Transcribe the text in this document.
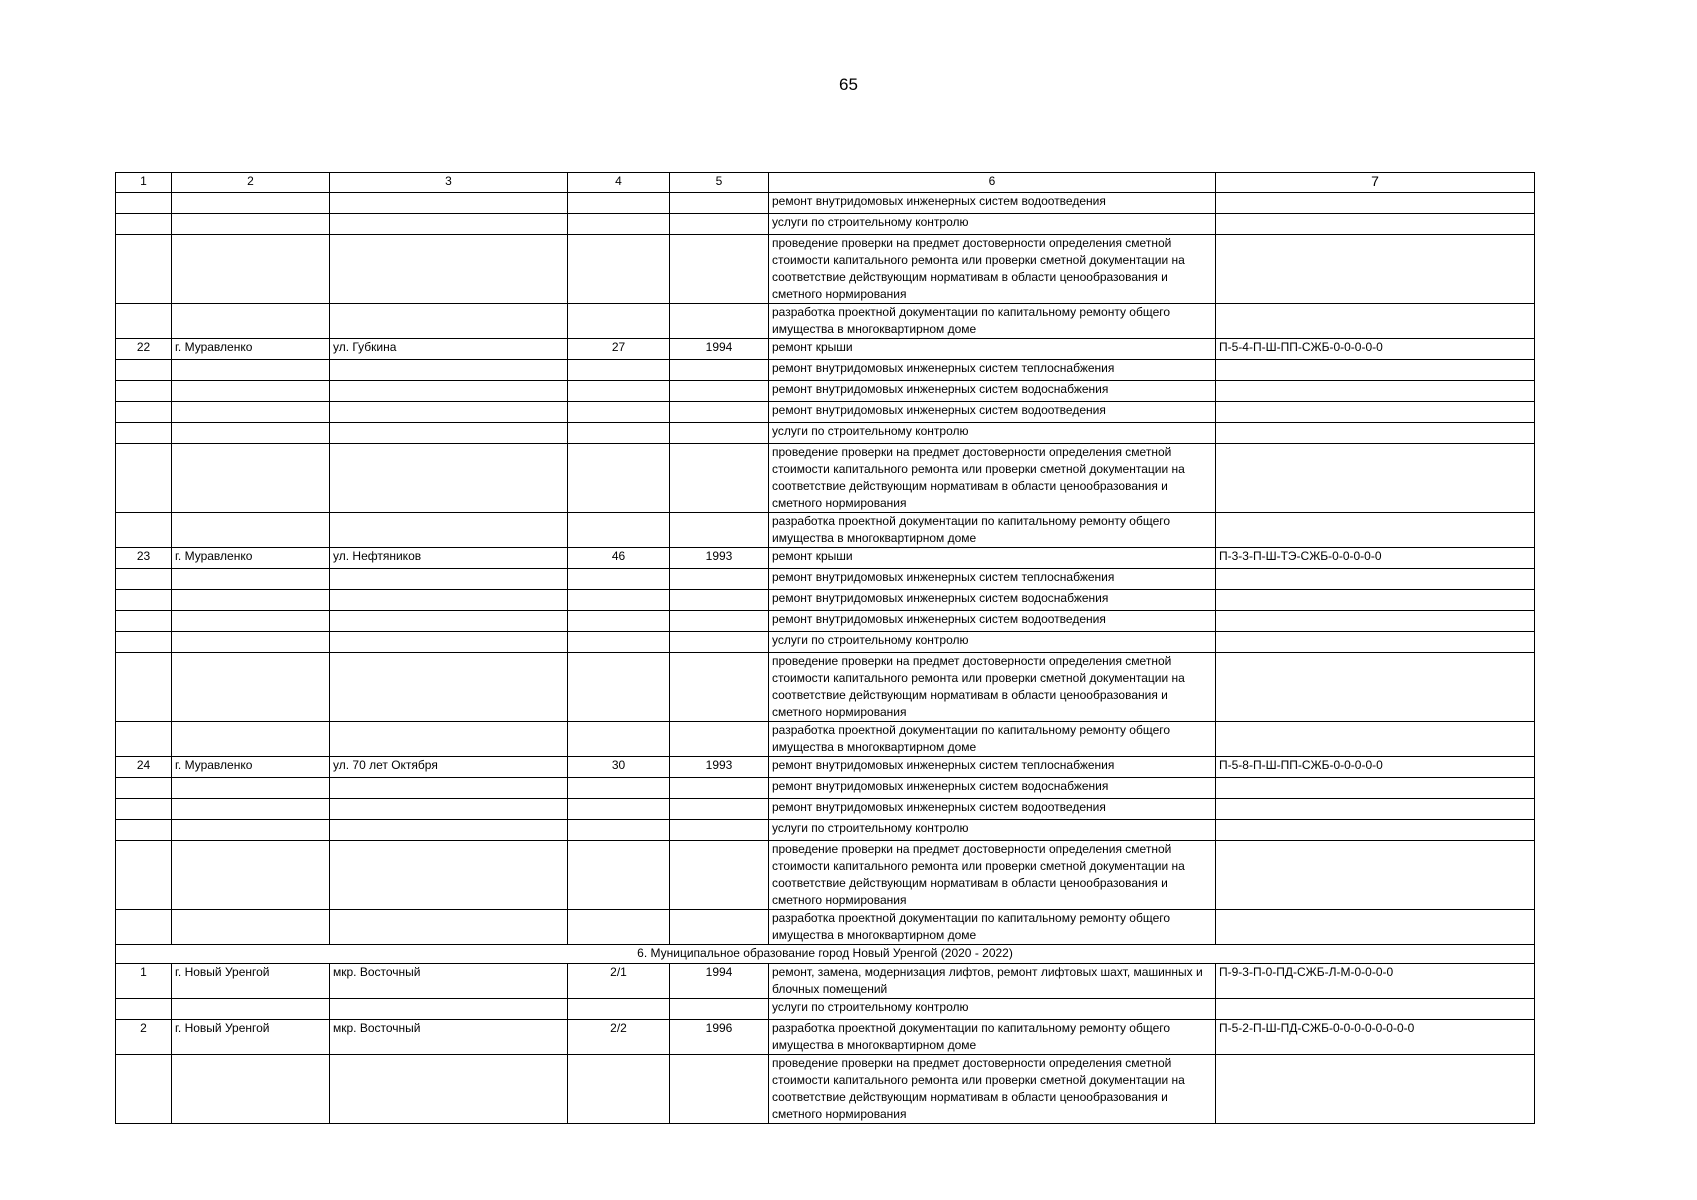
65
1	2	3	4	5	6	7
					ремонт внутридомовых инженерных систем водоотведения	
					услуги по строительному контролю	
					проведение проверки на предмет достоверности определения сметной стоимости капитального ремонта или проверки сметной документации на соответствие действующим нормативам в области ценообразования и сметного нормирования	
					разработка проектной документации по капитальному ремонту общего имущества в многоквартирном доме	
22	г. Муравленко	ул. Губкина	27	1994	ремонт крыши	П-5-4-П-Ш-ПП-СЖБ-0-0-0-0-0
					ремонт внутридомовых инженерных систем теплоснабжения	
					ремонт внутридомовых инженерных систем водоснабжения	
					ремонт внутридомовых инженерных систем водоотведения	
					услуги по строительному контролю	
					проведение проверки на предмет достоверности определения сметной стоимости капитального ремонта или проверки сметной документации на соответствие действующим нормативам в области ценообразования и сметного нормирования	
					разработка проектной документации по капитальному ремонту общего имущества в многоквартирном доме	
23	г. Муравленко	ул. Нефтяников	46	1993	ремонт крыши	П-3-3-П-Ш-ТЭ-СЖБ-0-0-0-0-0
					ремонт внутридомовых инженерных систем теплоснабжения	
					ремонт внутридомовых инженерных систем водоснабжения	
					ремонт внутридомовых инженерных систем водоотведения	
					услуги по строительному контролю	
					проведение проверки на предмет достоверности определения сметной стоимости капитального ремонта или проверки сметной документации на соответствие действующим нормативам в области ценообразования и сметного нормирования	
					разработка проектной документации по капитальному ремонту общего имущества в многоквартирном доме	
24	г. Муравленко	ул. 70 лет Октября	30	1993	ремонт внутридомовых инженерных систем теплоснабжения	П-5-8-П-Ш-ПП-СЖБ-0-0-0-0-0
					ремонт внутридомовых инженерных систем водоснабжения	
					ремонт внутридомовых инженерных систем водоотведения	
					услуги по строительному контролю	
					проведение проверки на предмет достоверности определения сметной стоимости капитального ремонта или проверки сметной документации на соответствие действующим нормативам в области ценообразования и сметного нормирования	
					разработка проектной документации по капитальному ремонту общего имущества в многоквартирном доме	
6. Муниципальное образование город Новый Уренгой (2020 - 2022)						
1	г. Новый Уренгой	мкр. Восточный	2/1	1994	ремонт, замена, модернизация лифтов, ремонт лифтовых шахт, машинных и блочных помещений	П-9-3-П-0-ПД-СЖБ-Л-М-0-0-0-0
					услуги по строительному контролю	
2	г. Новый Уренгой	мкр. Восточный	2/2	1996	разработка проектной документации по капитальному ремонту общего имущества в многоквартирном доме	П-5-2-П-Ш-ПД-СЖБ-0-0-0-0-0-0-0-0
					проведение проверки на предмет достоверности определения сметной стоимости капитального ремонта или проверки сметной документации на соответствие действующим нормативам в области ценообразования и сметного нормирования	
